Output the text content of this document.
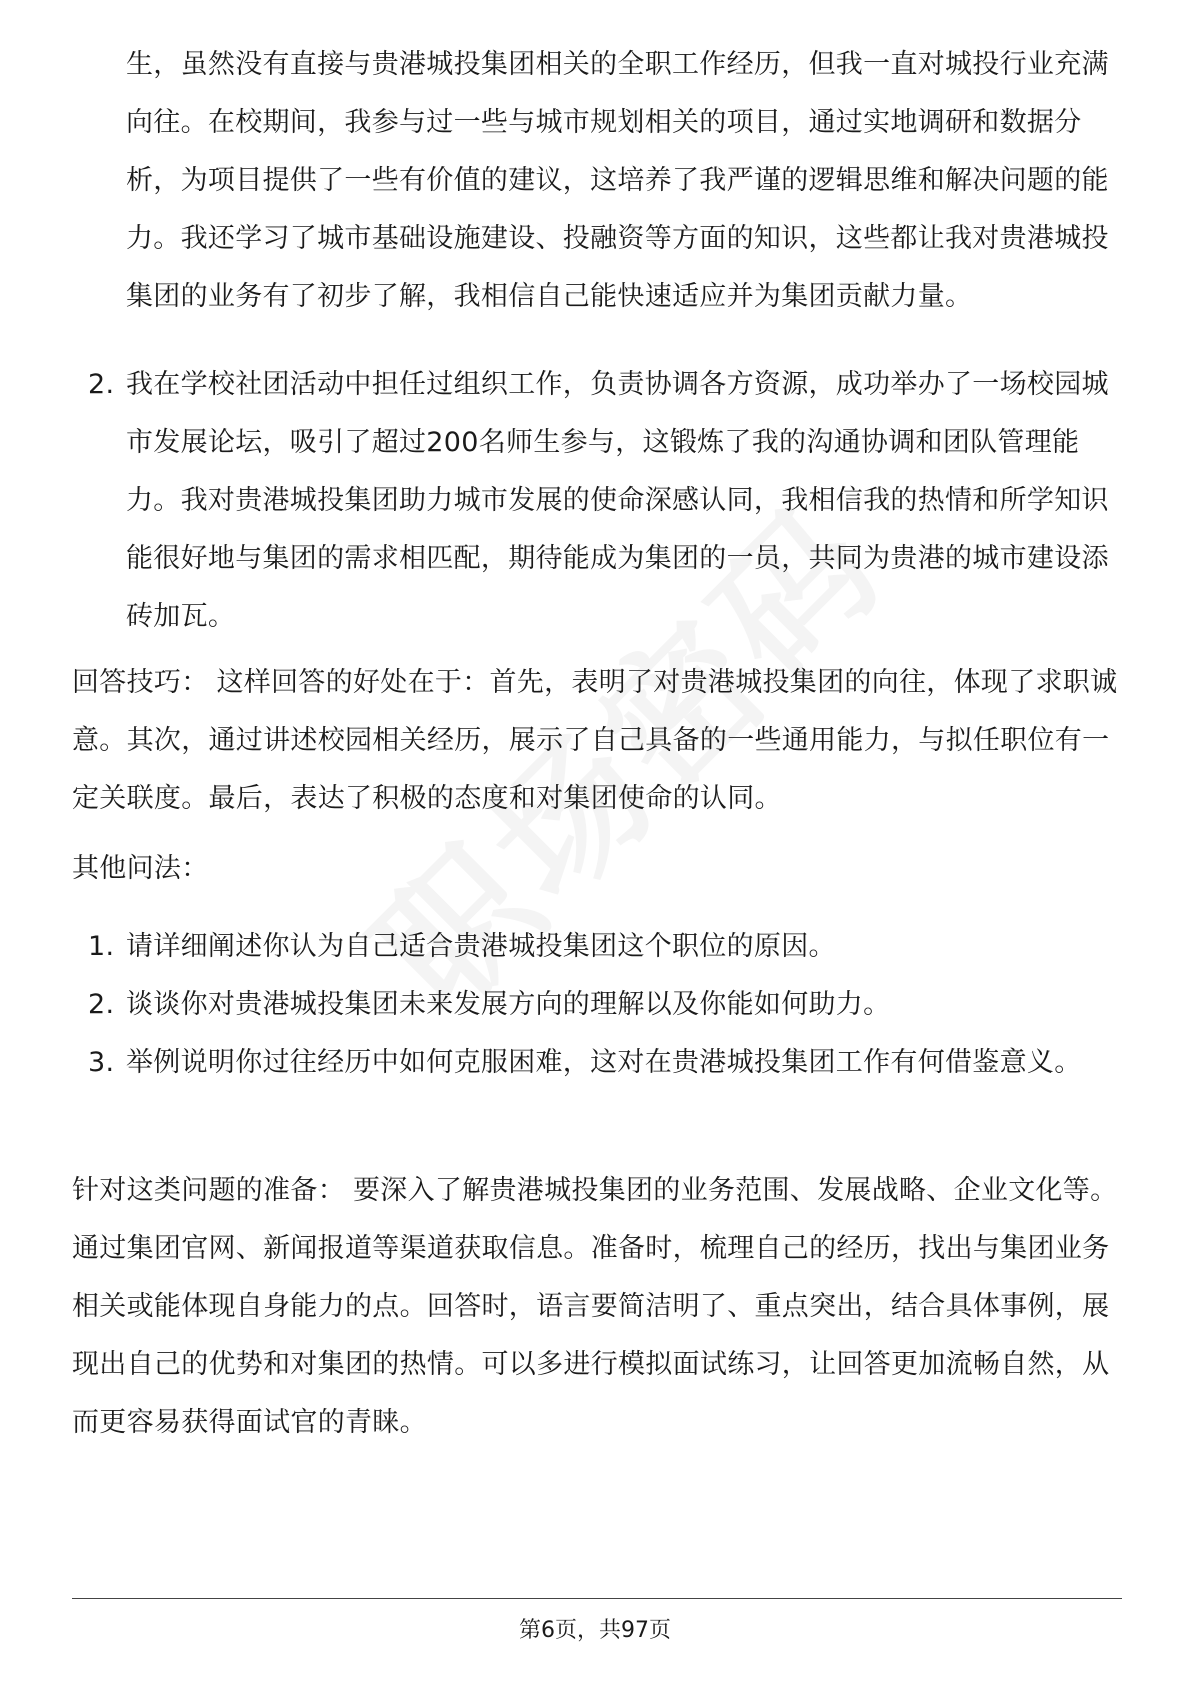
生，虽然没有直接与贵港城投集团相关的全职工作经历，但我一直对城投行业充满向往。在校期间，我参与过一些与城市规划相关的项目，通过实地调研和数据分析，为项目提供了一些有价值的建议，这培养了我严谨的逻辑思维和解决问题的能力。我还学习了城市基础设施建设、投融资等方面的知识，这些都让我对贵港城投集团的业务有了初步了解，我相信自己能快速适应并为集团贡献力量。
2. 我在学校社团活动中担任过组织工作，负责协调各方资源，成功举办了一场校园城市发展论坛，吸引了超过200名师生参与，这锻炼了我的沟通协调和团队管理能力。我对贵港城投集团助力城市发展的使命深感认同，我相信我的热情和所学知识能很好地与集团的需求相匹配，期待能成为集团的一员，共同为贵港的城市建设添砖加瓦。
回答技巧： 这样回答的好处在于：首先，表明了对贵港城投集团的向往，体现了求职诚意。其次，通过讲述校园相关经历，展示了自己具备的一些通用能力，与拟任职位有一定关联度。最后，表达了积极的态度和对集团使命的认同。
其他问法：
1. 请详细阐述你认为自己适合贵港城投集团这个职位的原因。
2. 谈谈你对贵港城投集团未来发展方向的理解以及你能如何助力。
3. 举例说明你过往经历中如何克服困难，这对在贵港城投集团工作有何借鉴意义。
针对这类问题的准备： 要深入了解贵港城投集团的业务范围、发展战略、企业文化等。通过集团官网、新闻报道等渠道获取信息。准备时，梳理自己的经历，找出与集团业务相关或能体现自身能力的点。回答时，语言要简洁明了、重点突出，结合具体事例，展现出自己的优势和对集团的热情。可以多进行模拟面试练习，让回答更加流畅自然，从而更容易获得面试官的青睐。
第6页，共97页
